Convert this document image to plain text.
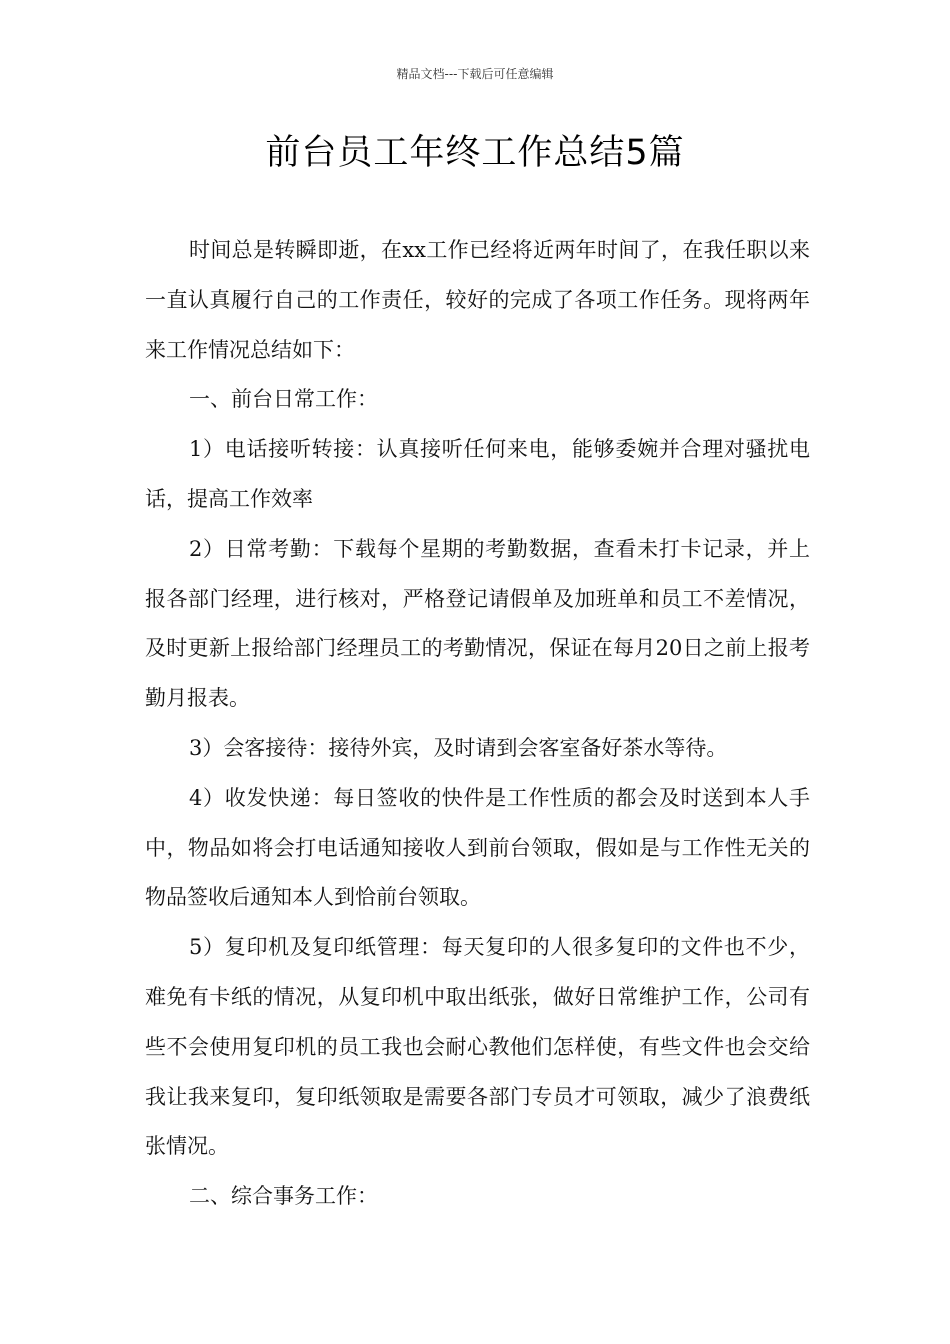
精品文档---下载后可任意编辑
前台员工年终工作总结5篇

时间总是转瞬即逝，在xx工作已经将近两年时间了，在我任职以来一直认真履行自己的工作责任，较好的完成了各项工作任务。现将两年来工作情况总结如下：

一、前台日常工作：

1）电话接听转接：认真接听任何来电，能够委婉并合理对骚扰电话，提高工作效率

2）日常考勤：下载每个星期的考勤数据，查看未打卡记录，并上报各部门经理，进行核对，严格登记请假单及加班单和员工不差情况，及时更新上报给部门经理员工的考勤情况，保证在每月20日之前上报考勤月报表。

3）会客接待：接待外宾，及时请到会客室备好茶水等待。

4）收发快递：每日签收的快件是工作性质的都会及时送到本人手中，物品如将会打电话通知接收人到前台领取，假如是与工作性无关的物品签收后通知本人到恰前台领取。

5）复印机及复印纸管理：每天复印的人很多复印的文件也不少，难免有卡纸的情况，从复印机中取出纸张，做好日常维护工作，公司有些不会使用复印机的员工我也会耐心教他们怎样使，有些文件也会交给我让我来复印，复印纸领取是需要各部门专员才可领取，减少了浪费纸张情况。

二、综合事务工作：
